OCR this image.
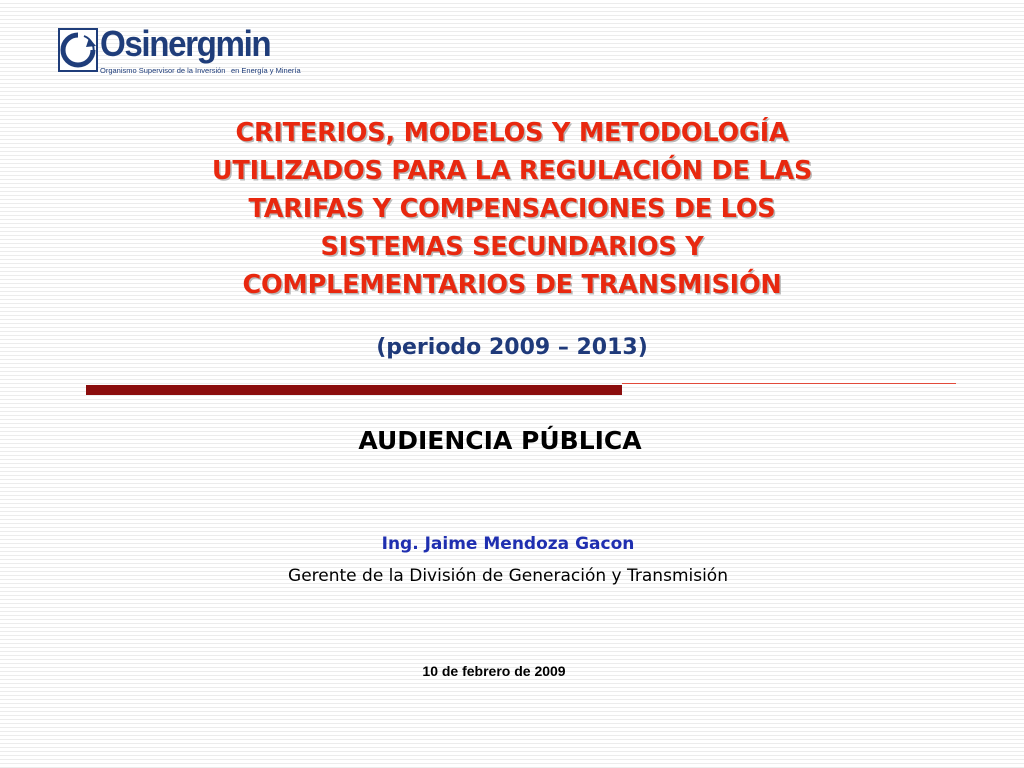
Osinergmin
Organismo Supervisor de la Inversión en Energía y Minería
CRITERIOS, MODELOS Y METODOLOGÍA
UTILIZADOS PARA LA REGULACIÓN DE LAS
TARIFAS Y COMPENSACIONES DE LOS
SISTEMAS SECUNDARIOS Y
COMPLEMENTARIOS DE TRANSMISIÓN
(periodo 2009 – 2013)
AUDIENCIA PÚBLICA
Ing. Jaime Mendoza Gacon
Gerente de la División de Generación y Transmisión
10 de febrero de 2009
